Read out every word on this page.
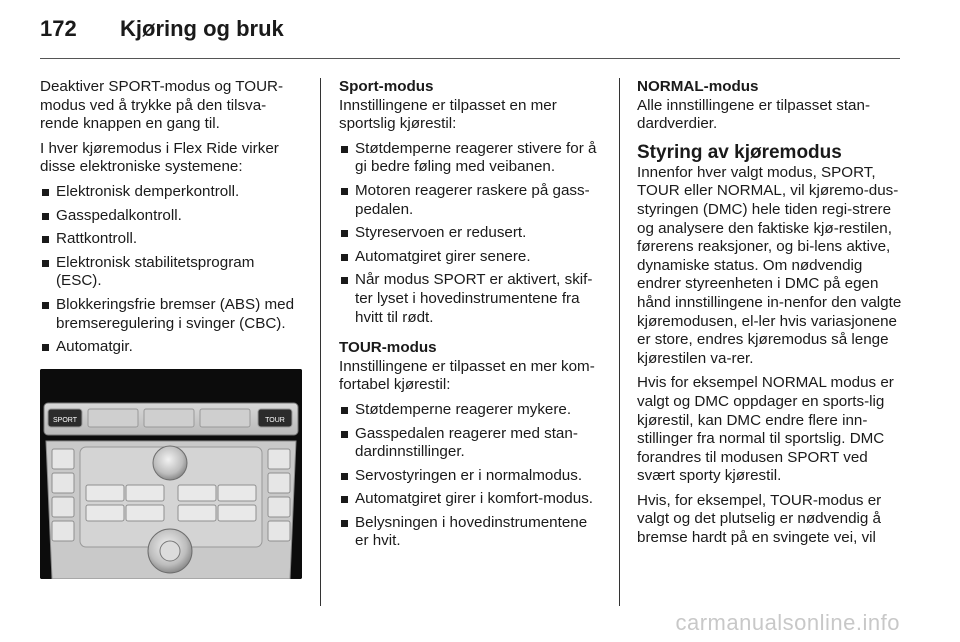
172	Kjøring og bruk

Deaktiver SPORT-modus og TOUR-modus ved å trykke på den tilsva-rende knappen en gang til.

I hver kjøremodus i Flex Ride virker disse elektroniske systemene:

Elektronisk demperkontroll.
Gasspedalkontroll.
Rattkontroll.
Elektronisk stabilitetsprogram (ESC).
Blokkeringsfrie bremser (ABS) med bremseregulering i svinger (CBC).
Automatgir.
SPORT	TOUR
Sport-modus

Innstillingene er tilpasset en mer sportslig kjørestil:

Støtdemperne reagerer stivere for å gi bedre føling med veibanen.
Motoren reagerer raskere på gass-pedalen.
Styreservoen er redusert.
Automatgiret girer senere.
Når modus SPORT er aktivert, skif-ter lyset i hovedinstrumentene fra hvitt til rødt.
TOUR-modus

Innstillingene er tilpasset en mer kom-fortabel kjørestil:

Støtdemperne reagerer mykere.
Gasspedalen reagerer med stan-dardinnstillinger.
Servostyringen er i normalmodus.
Automatgiret girer i komfort-modus.
Belysningen i hovedinstrumentene er hvit.
NORMAL-modus

Alle innstillingene er tilpasset stan-dardverdier.

Styring av kjøremodus

Innenfor hver valgt modus, SPORT, TOUR eller NORMAL, vil kjøremo-dus-styringen (DMC) hele tiden regi-strere og analysere den faktiske kjø-restilen, førerens reaksjoner, og bi-lens aktive, dynamiske status. Om nødvendig endrer styreenheten i DMC på egen hånd innstillingene in-nenfor den valgte kjøremodusen, el-ler hvis variasjonene er store, endres kjøremodus så lenge kjørestilen va-rer.

Hvis for eksempel NORMAL modus er valgt og DMC oppdager en sports-lig kjørestil, kan DMC endre flere inn-stillinger fra normal til sportslig. DMC forandres til modusen SPORT ved svært sporty kjørestil.

Hvis, for eksempel, TOUR-modus er valgt og det plutselig er nødvendig å bremse hardt på en svingete vei, vil

carmanualsonline.info
